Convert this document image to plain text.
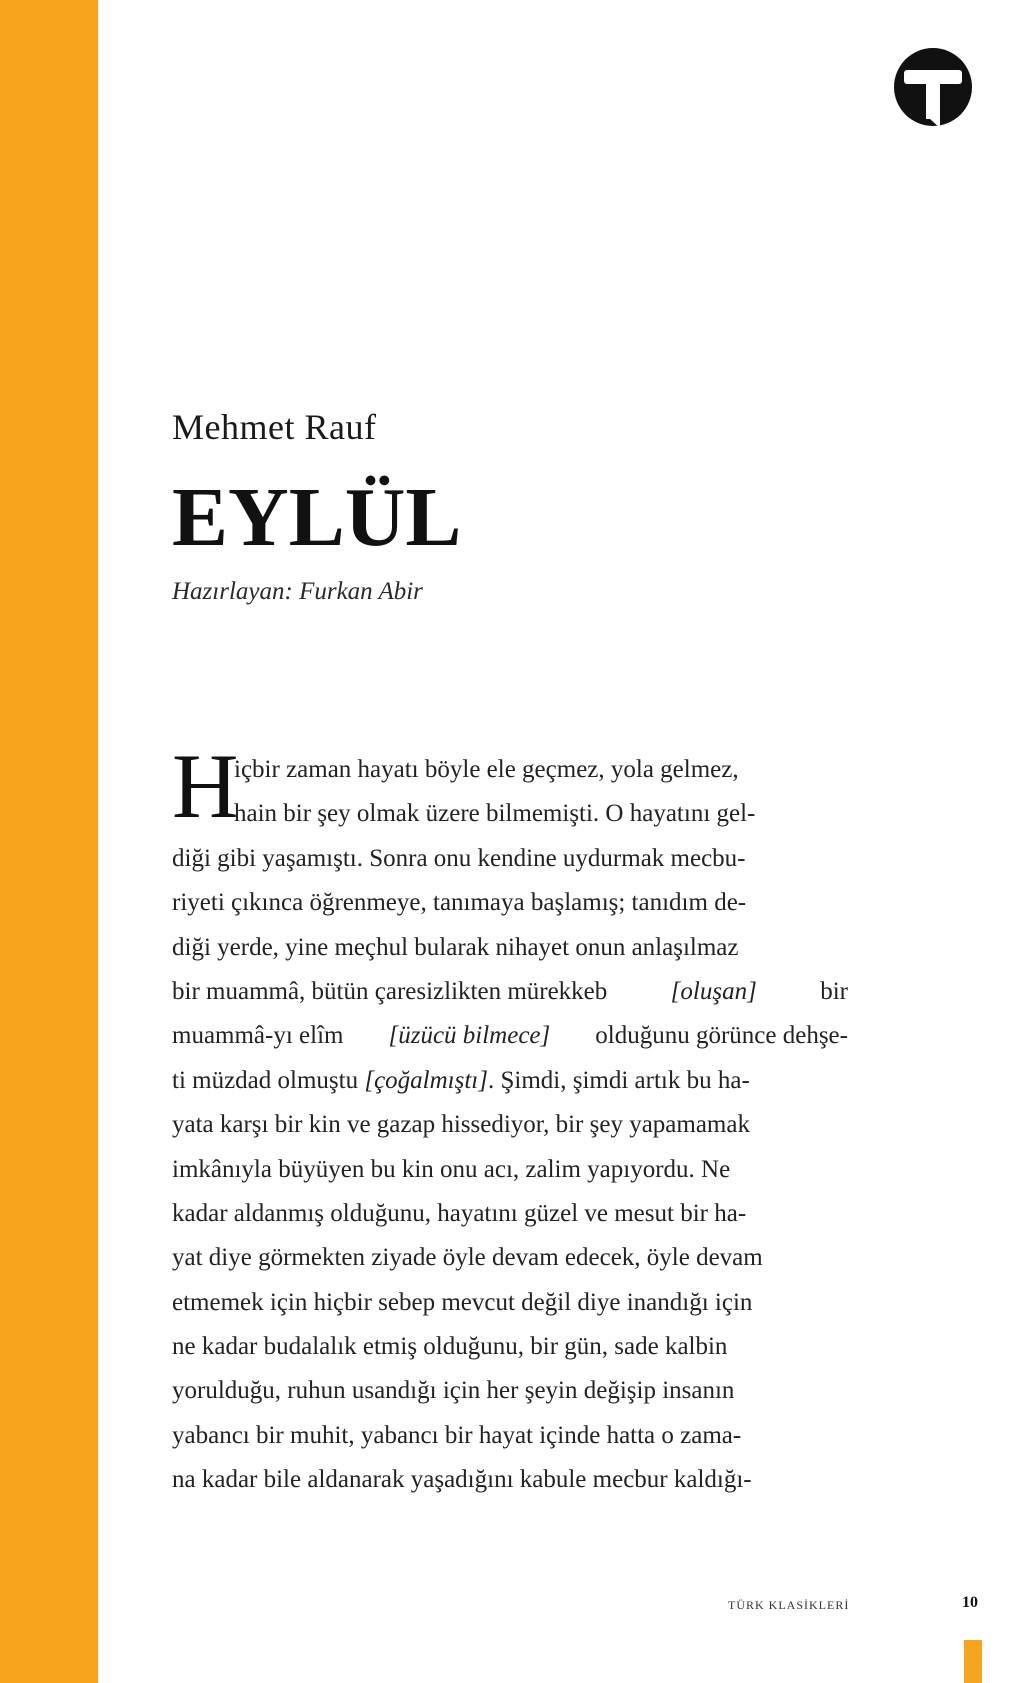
Mehmet Rauf
EYLÜL
Hazırlayan: Furkan Abir
H
içbir zaman hayatı böyle ele geçmez, yola gelmez,
hain bir şey olmak üzere bilmemişti. O hayatını gel-
diği gibi yaşamıştı. Sonra onu kendine uydurmak mecbu-
riyeti çıkınca öğrenmeye, tanımaya başlamış; tanıdım de-
diği yerde, yine meçhul bularak nihayet onun anlaşılmaz
bir muammâ, bütün çaresizlikten mürekkeb	[oluşan]	bir
muammâ-yı elîm [üzücü bilmece] olduğunu görünce dehşe-
ti müzdad olmuştu [çoğalmıştı]. Şimdi, şimdi artık bu ha-
yata karşı bir kin ve gazap hissediyor, bir şey yapamamak
imkânıyla büyüyen bu kin onu acı, zalim yapıyordu. Ne
kadar aldanmış olduğunu, hayatını güzel ve mesut bir ha-
yat diye görmekten ziyade öyle devam edecek, öyle devam
etmemek için hiçbir sebep mevcut değil diye inandığı için
ne kadar budalalık etmiş olduğunu, bir gün, sade kalbin
yorulduğu, ruhun usandığı için her şeyin değişip insanın
yabancı bir muhit, yabancı bir hayat içinde hatta o zama-
na kadar bile aldanarak yaşadığını kabule mecbur kaldığı-
TÜRK KLASİKLERİ	10
